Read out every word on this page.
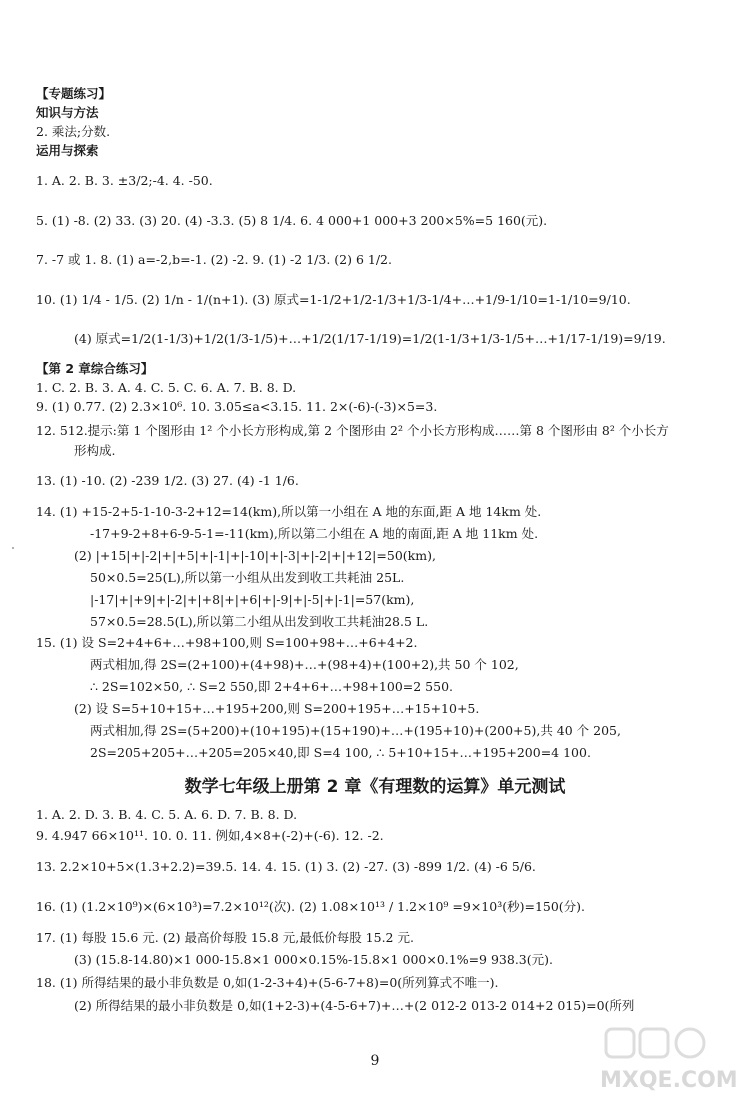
【专题练习】
知识与方法
2. 乘法;分数.
运用与探索
1. A. 2. B. 3. ±3/2;-4. 4. -50.
5. (1) -8. (2) 33. (3) 20. (4) -3.3. (5) 8 1/4. 6. 4 000+1 000+3 200×5%=5 160(元).
7. -7 或 1. 8. (1) a=-2,b=-1. (2) -2. 9. (1) -2 1/3. (2) 6 1/2.
10. (1) 1/4 - 1/5. (2) 1/n - 1/(n+1). (3) 原式=1-1/2+1/2-1/3+1/3-1/4+…+1/9-1/10=1-1/10=9/10.
(4) 原式=1/2(1-1/3)+1/2(1/3-1/5)+…+1/2(1/17-1/19)=1/2(1-1/3+1/3-1/5+…+1/17-1/19)=9/19.
【第 2 章综合练习】
1. C. 2. B. 3. A. 4. C. 5. C. 6. A. 7. B. 8. D.
9. (1) 0.77. (2) 2.3×10⁶. 10. 3.05≤a<3.15. 11. 2×(-6)-(-3)×5=3.
12. 512.提示:第 1 个图形由 1² 个小长方形构成,第 2 个图形由 2² 个小长方形构成……第 8 个图形由 8² 个小长方
形构成.
13. (1) -10. (2) -239 1/2. (3) 27. (4) -1 1/6.
14. (1) +15-2+5-1-10-3-2+12=14(km),所以第一小组在 A 地的东面,距 A 地 14km 处.
-17+9-2+8+6-9-5-1=-11(km),所以第二小组在 A 地的南面,距 A 地 11km 处.
(2) |+15|+|-2|+|+5|+|-1|+|-10|+|-3|+|-2|+|+12|=50(km),
50×0.5=25(L),所以第一小组从出发到收工共耗油 25L.
|-17|+|+9|+|-2|+|+8|+|+6|+|-9|+|-5|+|-1|=57(km),
57×0.5=28.5(L),所以第二小组从出发到收工共耗油28.5 L.
15. (1) 设 S=2+4+6+…+98+100,则 S=100+98+…+6+4+2.
两式相加,得 2S=(2+100)+(4+98)+…+(98+4)+(100+2),共 50 个 102,
∴ 2S=102×50, ∴ S=2 550,即 2+4+6+…+98+100=2 550.
(2) 设 S=5+10+15+…+195+200,则 S=200+195+…+15+10+5.
两式相加,得 2S=(5+200)+(10+195)+(15+190)+…+(195+10)+(200+5),共 40 个 205,
2S=205+205+…+205=205×40,即 S=4 100, ∴ 5+10+15+…+195+200=4 100.
数学七年级上册第 2 章《有理数的运算》单元测试
1. A. 2. D. 3. B. 4. C. 5. A. 6. D. 7. B. 8. D.
9. 4.947 66×10¹¹. 10. 0. 11. 例如,4×8+(-2)+(-6). 12. -2.
13. 2.2×10+5×(1.3+2.2)=39.5. 14. 4. 15. (1) 3. (2) -27. (3) -899 1/2. (4) -6 5/6.
16. (1) (1.2×10⁹)×(6×10³)=7.2×10¹²(次). (2) 1.08×10¹³ / 1.2×10⁹ =9×10³(秒)=150(分).
17. (1) 每股 15.6 元. (2) 最高价每股 15.8 元,最低价每股 15.2 元.
(3) (15.8-14.80)×1 000-15.8×1 000×0.15%-15.8×1 000×0.1%=9 938.3(元).
18. (1) 所得结果的最小非负数是 0,如(1-2-3+4)+(5-6-7+8)=0(所列算式不唯一).
(2) 所得结果的最小非负数是 0,如(1+2-3)+(4-5-6+7)+…+(2 012-2 013-2 014+2 015)=0(所列
9
MXQE.COM
